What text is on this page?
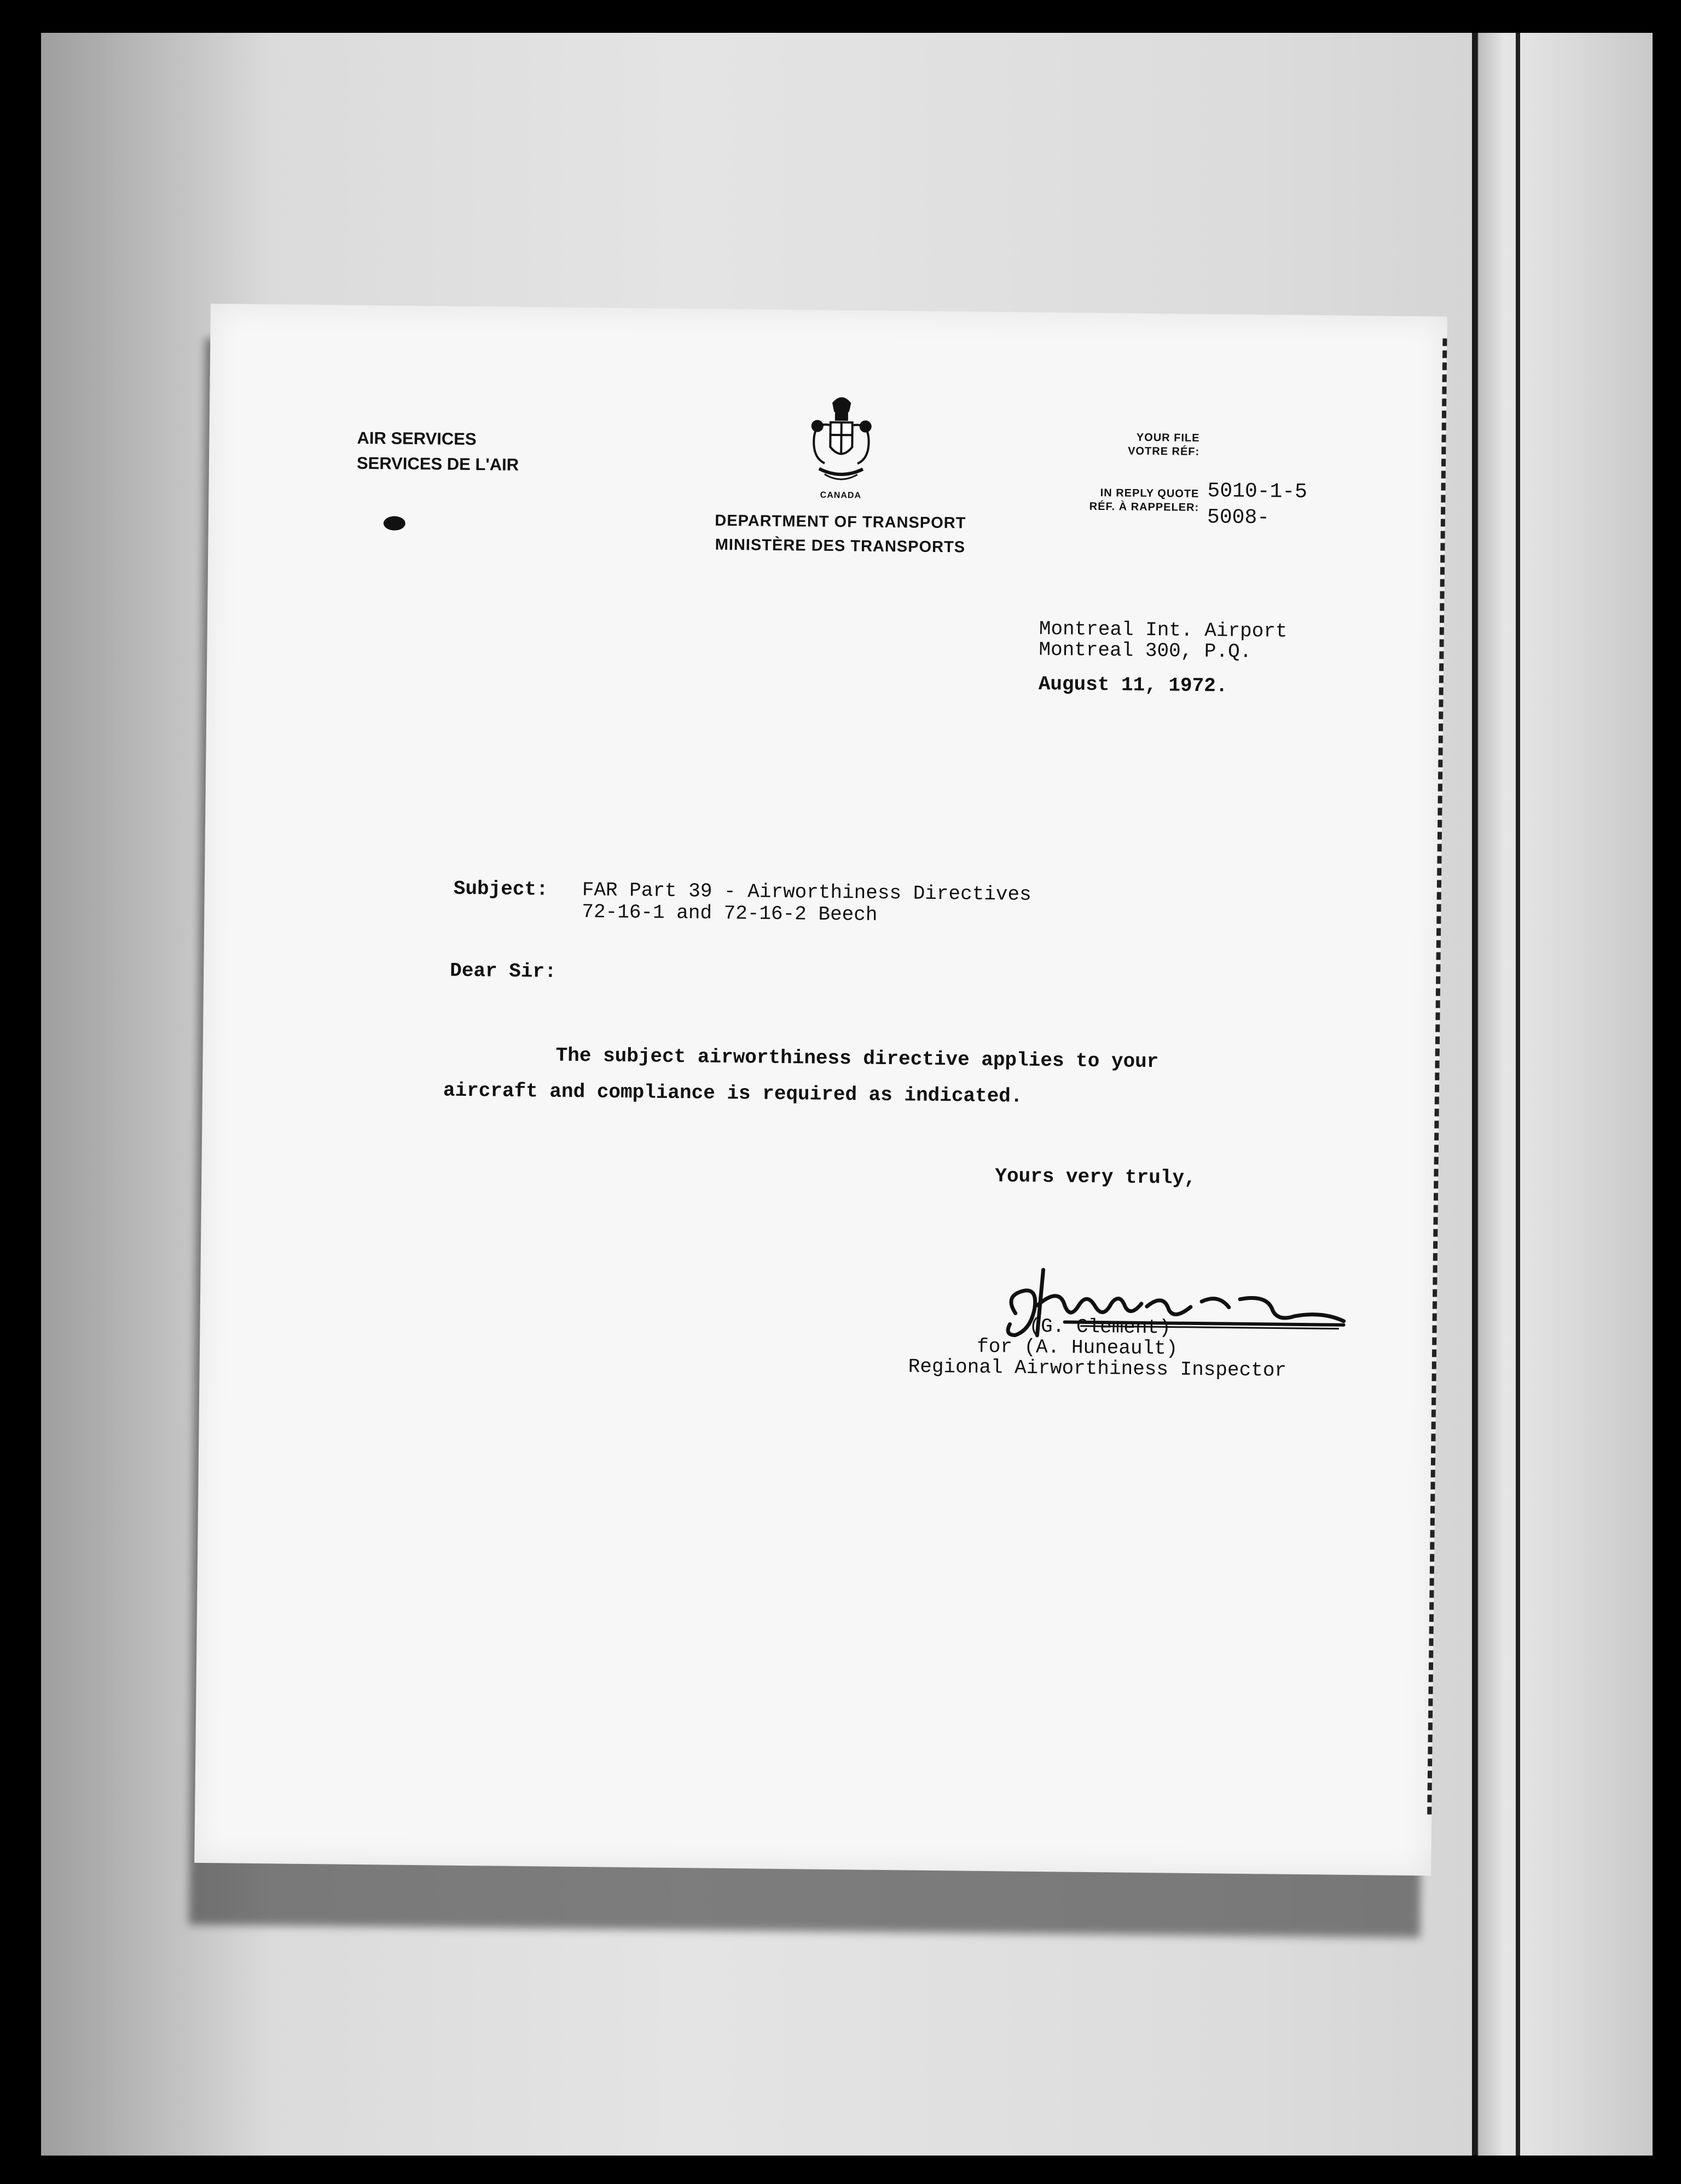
AIR SERVICES
SERVICES DE L'AIR
CANADA
DEPARTMENT OF TRANSPORT
MINISTÈRE DES TRANSPORTS
YOUR FILE
VOTRE RÉF:
IN REPLY QUOTE
RÉF. À RAPPELER:
5010-1-5
5008-
Montreal Int. Airport
Montreal 300, P.Q.
August 11, 1972.
Subject:	FAR Part 39 - Airworthiness Directives
72-16-1 and 72-16-2 Beech
Dear Sir:
The subject airworthiness directive applies to your
aircraft and compliance is required as indicated.
Yours very truly,
(G. Clement)
for (A. Huneault)
Regional Airworthiness Inspector
